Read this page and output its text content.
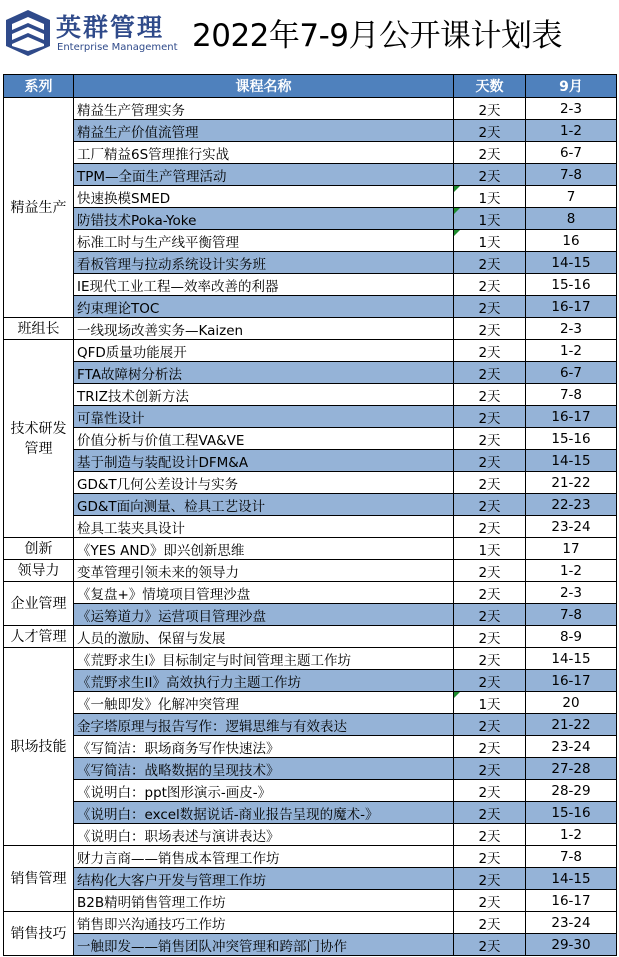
英群管理
Enterprise Management 2022年7-9月公开课计划表
系列	课程名称	天数	9月
精益生产	精益生产管理实务	2天	2-3
	精益生产价值流管理	2天	1-2
	工厂精益6S管理推行实战	2天	6-7
	TPM—全面生产管理活动	2天	7-8
	快速换模SMED	1天	7
	防错技术Poka-Yoke	1天	8
	标准工时与生产线平衡管理	1天	16
	看板管理与拉动系统设计实务班	2天	14-15
	IE现代工业工程—效率改善的利器	2天	15-16
	约束理论TOC	2天	16-17
班组长	一线现场改善实务—Kaizen	2天	2-3
技术研发管理	QFD质量功能展开	2天	1-2
	FTA故障树分析法	2天	6-7
	TRIZ技术创新方法	2天	7-8
	可靠性设计	2天	16-17
	价值分析与价值工程VA&VE	2天	15-16
	基于制造与装配设计DFM&A	2天	14-15
	GD&T几何公差设计与实务	2天	21-22
	GD&T面向测量、检具工艺设计	2天	22-23
	检具工装夹具设计	2天	23-24
创新	《YES AND》即兴创新思维	1天	17
领导力	变革管理引领未来的领导力	2天	1-2
企业管理	《复盘+》情境项目管理沙盘	2天	2-3
	《运筹道力》运营项目管理沙盘	2天	7-8
人才管理	人员的激励、保留与发展	2天	8-9
职场技能	《荒野求生I》目标制定与时间管理主题工作坊	2天	14-15
	《荒野求生II》高效执行力主题工作坊	2天	16-17
	《一触即发》化解冲突管理	1天	20
	金字塔原理与报告写作：逻辑思维与有效表达	2天	21-22
	《写简洁：职场商务写作快速法》	2天	23-24
	《写简洁：战略数据的呈现技术》	2天	27-28
	《说明白：ppt图形演示-画皮-》	2天	28-29
	《说明白：excel数据说话-商业报告呈现的魔术-》	2天	15-16
	《说明白：职场表述与演讲表达》	2天	1-2
销售管理	财力言商——销售成本管理工作坊	2天	7-8
	结构化大客户开发与管理工作坊	2天	14-15
	B2B精明销售管理工作坊	2天	16-17
销售技巧	销售即兴沟通技巧工作坊	2天	23-24
	一触即发——销售团队冲突管理和跨部门协作	2天	29-30
